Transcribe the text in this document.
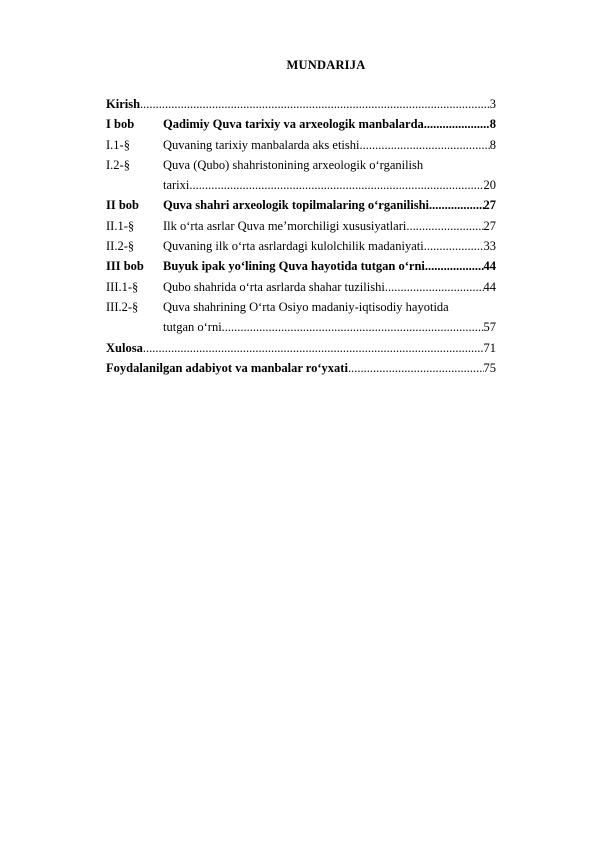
MUNDARIJA
Kirish .....	3
I bob	Qadimiy Quva tarixiy va arxeologik manbalarda .....	8
I.1-§	Quvaning tarixiy manbalarda aks etishi .....	8
I.2-§	Quva (Qubo) shahristonining arxeologik o‘rganilish
tarixi .....	20
II bob	Quva shahri arxeologik topilmalaring o‘rganilishi .....	27
II.1-§	Ilk o‘rta asrlar Quva me’morchiligi xususiyatlari .....	27
II.2-§	Quvaning ilk o‘rta asrlardagi kulolchilik madaniyati .....	33
III bob	Buyuk ipak yo‘lining Quva hayotida tutgan o‘rni .....	44
III.1-§	Qubo shahrida o‘rta asrlarda shahar tuzilishi .....	44
III.2-§	Quva shahrining O‘rta Osiyo madaniy-iqtisodiy hayotida
tutgan o‘rni .....	57
Xulosa .....	71
Foydalanilgan adabiyot va manbalar ro‘yxati .....	75
